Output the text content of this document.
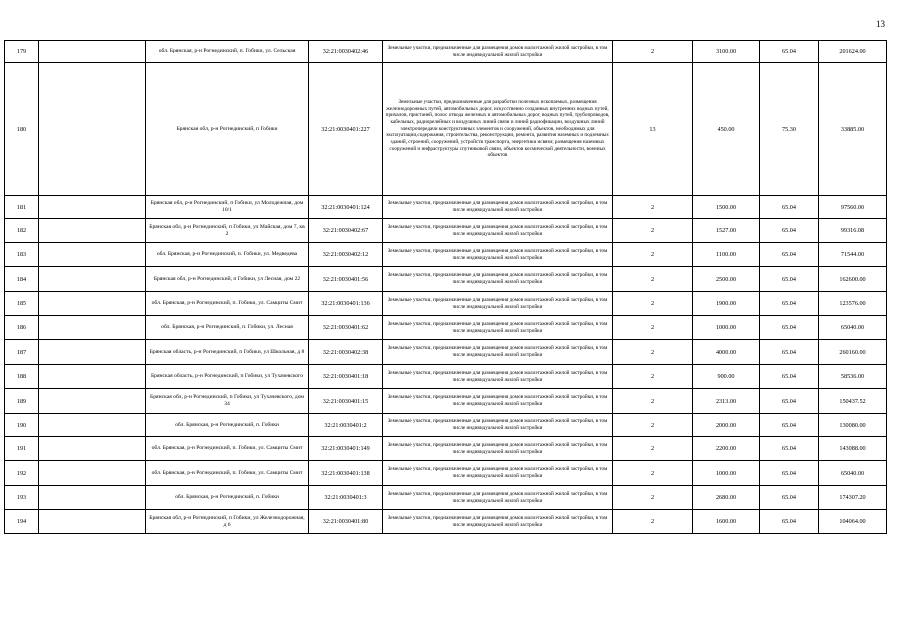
13
179		обл. Брянская, р-н Рогнединский, п. Гобики, ул. Сельская	32:21:0030402:46	Земельные участки, предназначенные для размещения домов малоэтажной жилой застройки, в том числе индивидуальной жилой застройки	2	3100.00	65.04	201624.00
180		Брянская обл, р-н Рогнединский, п Гобики	32:21:0030401:227	Земельные участки, предназначенные для разработки полезных ископаемых, размещения железнодорожных путей, автомобильных дорог, искусственно созданных внутренних водных путей, причалов, пристаней, полос отвода железных и автомобильных дорог, водных путей, трубопроводов, кабельных, радиорелейных и воздушных линий связи и линий радиофикации, воздушных линий электропередачи конструктивных элементов и сооружений, объектов, необходимых для эксплуатации,содержания, строительства, реконструкции, ремонта, развития наземных и подземных зданий, строений, сооружений, устройств транспорта, энергетики исвязи; размещения наземных сооружений и инфраструктуры спутниковой связи, объектов космической деятельности, военных объектов	13	450.00	75.30	33885.00
181		Брянская обл, р-н Рогнединский, п Гобики, ул Молодежная, дом 10/1	32:21:0030401:124	Земельные участки, предназначенные для размещения домов малоэтажной жилой застройки, в том числе индивидуальной жилой застройки	2	1500.00	65.04	97560.00
182		Брянская обл, р-н Рогнединский, п Гобики, ул Майская, дом 7, кв 2	32:21:0030402:67	Земельные участки, предназначенные для размещения домов малоэтажной жилой застройки, в том числе индивидуальной жилой застройки	2	1527.00	65.04	99316.08
183		обл. Брянская, р-н Рогнединский, п. Гобики, ул. Медведева	32:21:0030402:12	Земельные участки, предназначенные для размещения домов малоэтажной жилой застройки, в том числе индивидуальной жилой застройки	2	1100.00	65.04	71544.00
184		Брянская обл, р-н Рогнединский, п Гобики, ул Лесная, дом 22	32:21:0030401:56	Земельные участки, предназначенные для размещения домов малоэтажной жилой застройки, в том числе индивидуальной жилой застройки	2	2500.00	65.04	162600.00
185		обл. Брянская, р-н Рогнединский, п. Гобики, ул. Самциты Смит	32:21:0030401:136	Земельные участки, предназначенные для размещения домов малоэтажной жилой застройки, в том числе индивидуальной жилой застройки	2	1900.00	65.04	123576.00
186		обл. Брянская, р-н Рогнединский, п. Гобики, ул. Лесная	32:21:0030401:62	Земельные участки, предназначенные для размещения домов малоэтажной жилой застройки, в том числе индивидуальной жилой застройки	2	1000.00	65.04	65040.00
187		Брянская область, р-н Рогнединский, п Гобики, ул Школьная, д 8	32:21:0030402:38	Земельные участки, предназначенные для размещения домов малоэтажной жилой застройки, в том числе индивидуальной жилой застройки	2	4000.00	65.04	260160.00
188		Брянская область, р-н Рогнединский, п Гобики, ул Тухачевского	32:21:0030401:18	Земельные участки, предназначенные для размещения домов малоэтажной жилой застройки, в том числе индивидуальной жилой застройки	2	900.00	65.04	58536.00
189		Брянская обл, р-н Рогнединский, п Гобики, ул Тухачевского, дом 34	32:21:0030401:15	Земельные участки, предназначенные для размещения домов малоэтажной жилой застройки, в том числе индивидуальной жилой застройки	2	2313.00	65.04	150437.52
190		обл. Брянская, р-н Рогнединский, п. Гобики	32:21:0030401:2	Земельные участки, предназначенные для размещения домов малоэтажной жилой застройки, в том числе индивидуальной жилой застройки	2	2000.00	65.04	130080.00
191		обл. Брянская, р-н Рогнединский, п. Гобики, ул. Самциты Смит	32:21:0030401:149	Земельные участки, предназначенные для размещения домов малоэтажной жилой застройки, в том числе индивидуальной жилой застройки	2	2200.00	65.04	143088.00
192		обл. Брянская, р-н Рогнединский, п. Гобики, ул. Самциты Смит	32:21:0030401:138	Земельные участки, предназначенные для размещения домов малоэтажной жилой застройки, в том числе индивидуальной жилой застройки	2	1000.00	65.04	65040.00
193		обл. Брянская, р-н Рогнединский, п. Гобики	32:21:0030401:3	Земельные участки, предназначенные для размещения домов малоэтажной жилой застройки, в том числе индивидуальной жилой застройки	2	2680.00	65.04	174307.20
194		Брянская обл, р-н Рогнединский, п Гобики, ул Железнодорожная, д 6	32:21:0030401:80	Земельные участки, предназначенные для размещения домов малоэтажной жилой застройки, в том числе индивидуальной жилой застройки	2	1600.00	65.04	104064.00
